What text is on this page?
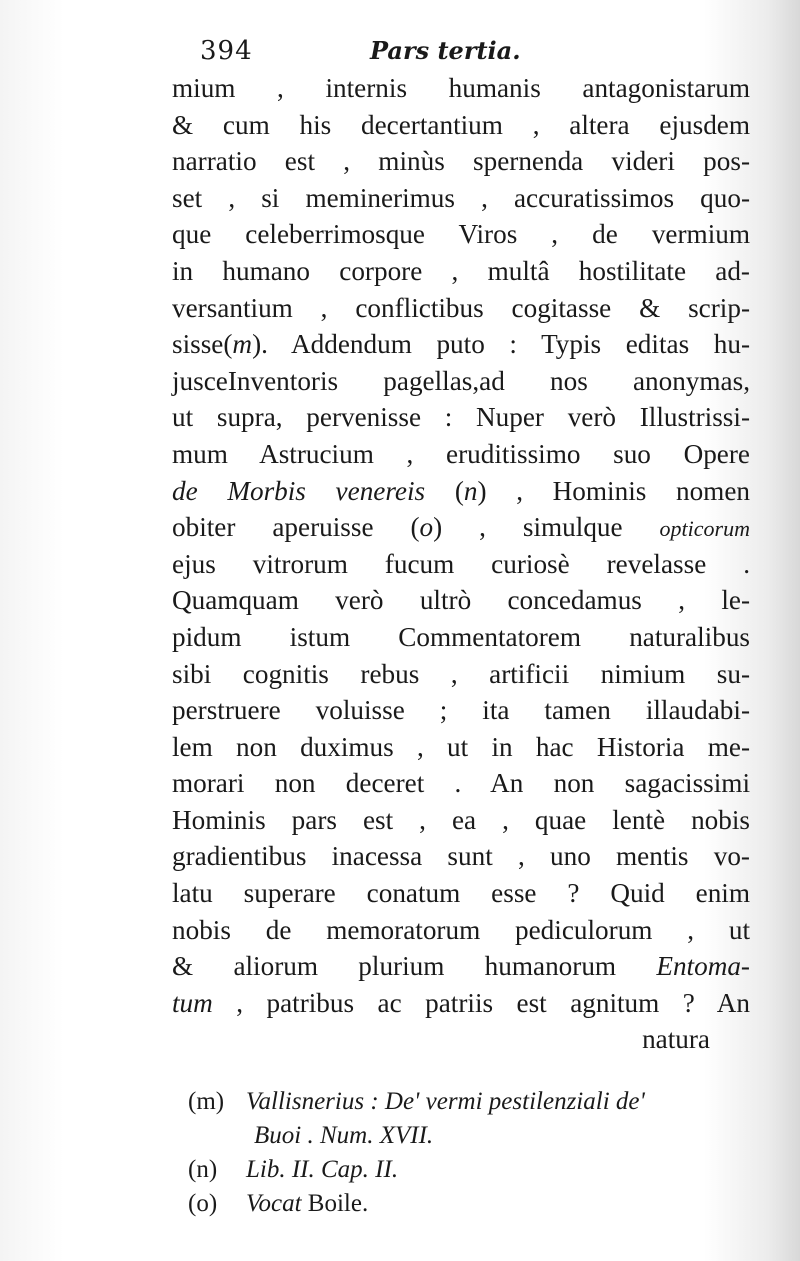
394	Pars tertia.
mium , internis humanis antagonistarum
& cum his decertantium , altera ejusdem
narratio est , minùs spernenda videri pos-
set , si meminerimus , accuratissimos quo-
que celeberrimosque Viros , de vermium
in humano corpore , multâ hostilitate ad-
versantium , conflictibus cogitasse & scrip-
sisse(m). Addendum puto : Typis editas hu-
jusceInventoris pagellas,ad nos anonymas,
ut supra, pervenisse : Nuper verò Illustrissi-
mum Astrucium , eruditissimo suo Opere
de Morbis venereis (n) , Hominis nomen
obiter aperuisse (o) , simulque opticorum
ejus vitrorum fucum curiosè revelasse .
Quamquam verò ultrò concedamus , le-
pidum istum Commentatorem naturalibus
sibi cognitis rebus , artificii nimium su-
perstruere voluisse ; ita tamen illaudabi-
lem non duximus , ut in hac Historia me-
morari non deceret . An non sagacissimi
Hominis pars est , ea , quae lentè nobis
gradientibus inacessa sunt , uno mentis vo-
latu superare conatum esse ? Quid enim
nobis de memoratorum pediculorum , ut
& aliorum plurium humanorum Entoma-
tum , patribus ac patriis est agnitum ? An
natura
(m) Vallisnerius : De' vermi pestilenziali de'
Buoi . Num. XVII.
(n) Lib. II. Cap. II.
(o) Vocat Boile.
